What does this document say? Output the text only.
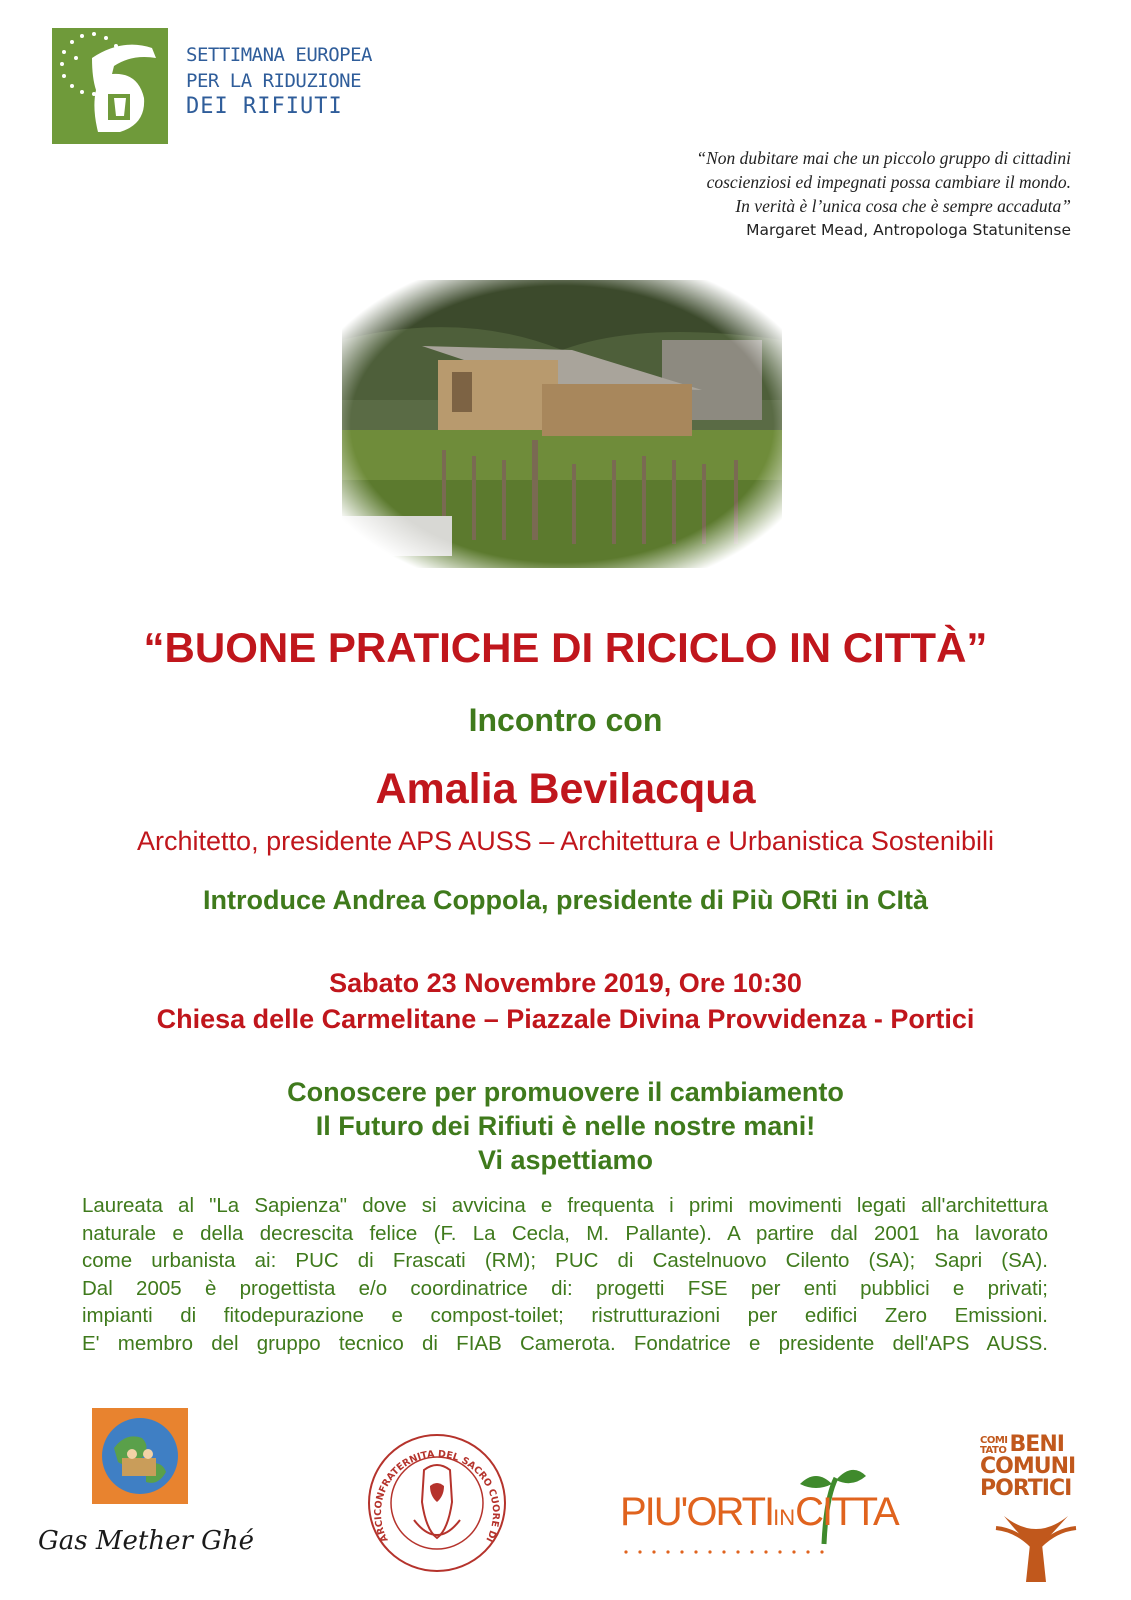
SETTIMANA EUROPEA
PER LA RIDUZIONE
DEI RIFIUTI
“Non dubitare mai che un piccolo gruppo di cittadini
coscienziosi ed impegnati possa cambiare il mondo.
In verità è l’unica cosa che è sempre accaduta”
Margaret Mead, Antropologa Statunitense
“BUONE PRATICHE DI RICICLO IN CITTÀ”
Incontro con
Amalia Bevilacqua
Architetto, presidente APS AUSS – Architettura e Urbanistica Sostenibili
Introduce Andrea Coppola, presidente di Più ORti in CItà
Sabato 23 Novembre 2019, Ore 10:30
Chiesa delle Carmelitane – Piazzale Divina Provvidenza - Portici
Conoscere per promuovere il cambiamento
Il Futuro dei Rifiuti è nelle nostre mani!
Vi aspettiamo
Laureata al "La Sapienza" dove si avvicina e frequenta i primi movimenti legati all'architettura
naturale e della decrescita felice (F. La Cecla, M. Pallante). A partire dal 2001 ha lavorato
come urbanista ai: PUC di Frascati (RM); PUC di Castelnuovo Cilento (SA); Sapri (SA).
Dal 2005 è progettista e/o coordinatrice di: progetti FSE per enti pubblici e privati;
impianti di fitodepurazione e compost-toilet; ristrutturazioni per edifici Zero Emissioni.
E' membro del gruppo tecnico di FIAB Camerota. Fondatrice e presidente dell'APS AUSS.
Gas Mether Ghé	ARCICONFRATERNITA DEL SACRO CUORE DI
PIU'ORTIINCITTA
COMI
TATO BENI
COMUNI
PORTICI
